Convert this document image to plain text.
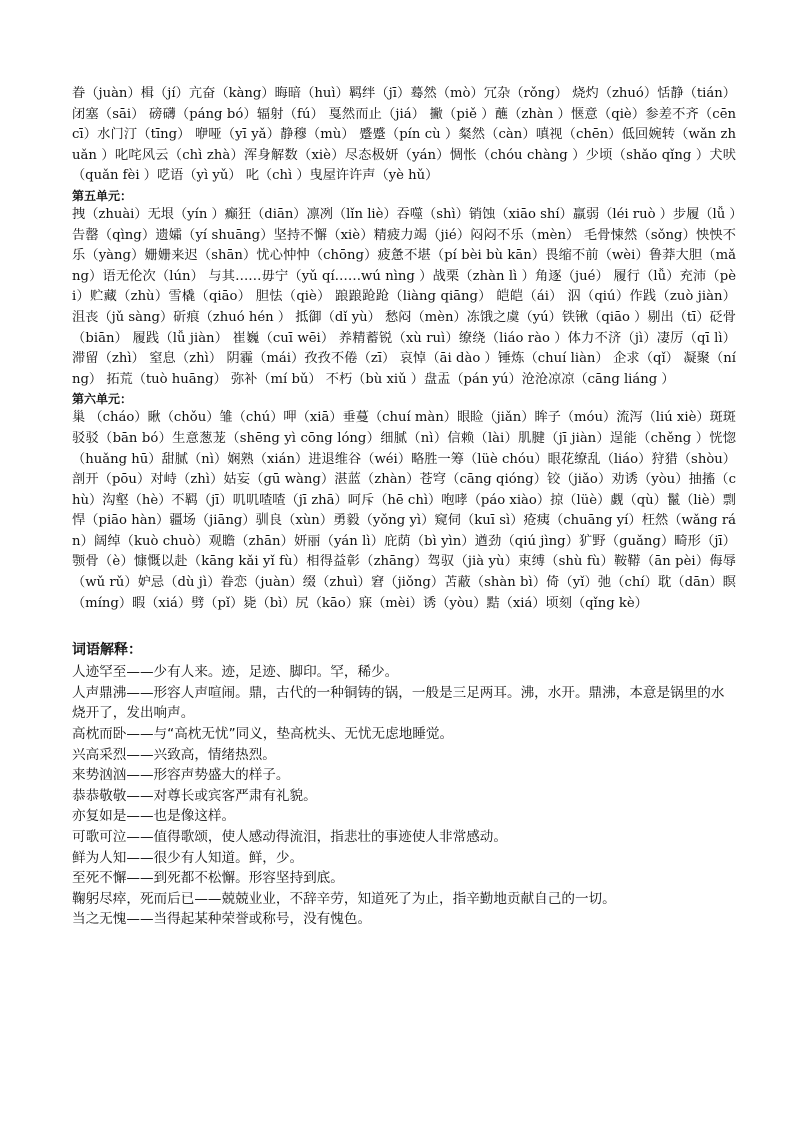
眷（juàn）楫（jí）亢奋（kàng）晦暗（huì）羁绊（jī）蓦然（mò）冗杂（rǒng） 烧灼（zhuó）恬静（tián）闭塞（sāi） 磅礴（páng bó）辐射（fú） 戛然而止（jiá） 撇（piě ）蘸（zhàn ）惬意（qiè）参差不齐（cēn cī）水门汀（tīng） 咿哑（yī yǎ）静穆（mù） 蹙蹙（pín cù ）粲然（càn）嗔视（chēn）低回婉转（wǎn zhuǎn ）叱咤风云（chì zhà）浑身解数（xiè）尽态极妍（yán）惆怅（chóu chàng ）少顷（shǎo qǐng ）犬吠（quǎn fèi ）呓语（yì yǔ） 叱（chì ）曳屋许许声（yè hǔ）

第五单元：

拽（zhuài）无垠（yín ）癫狂（diān）凛冽（lǐn liè）吞噬（shì）销蚀（xiāo shí）羸弱（léi ruò ）步履（lǚ ）告罄（qìng）遗孀（yí shuāng）坚持不懈（xiè）精疲力竭（jié）闷闷不乐（mèn） 毛骨悚然（sǒng）怏怏不乐（yàng）姗姗来迟（shān）忧心忡忡（chōng）疲惫不堪（pí bèi bù kān）畏缩不前（wèi）鲁莽大胆（mǎng）语无伦次（lún） 与其……毋宁（yǔ qí……wú nìng ）战栗（zhàn lì ）角逐（jué） 履行（lǚ）充沛（pèi）贮藏（zhù）雪橇（qiāo） 胆怯（qiè） 踉踉跄跄（liàng qiāng） 皑皑（ái） 泅（qiú）作践（zuò jiàn） 沮丧（jǔ sàng）斫痕（zhuó hén ） 抵御（dǐ yù） 愁闷（mèn）冻饿之虞（yú）铁锹（qiāo ）剔出（tī）砭骨（biān） 履践（lǚ jiàn） 崔巍（cuī wēi） 养精蓄锐（xù ruì）缭绕（liáo rào ）体力不济（jì）凄厉（qī lì） 滞留（zhì） 窒息（zhì） 阴霾（mái）孜孜不倦（zī） 哀悼（āi dào ）锤炼（chuí liàn） 企求（qǐ） 凝聚（níng） 拓荒（tuò huāng） 弥补（mí bǔ） 不朽（bù xiǔ ）盘盂（pán yú）沧沧凉凉（cāng liáng ）

第六单元：

巢 （cháo）瞅（chǒu）雏（chú）呷（xiā）垂蔓（chuí màn）眼睑（jiǎn）眸子（móu）流泻（liú xiè）斑斑驳驳（bān bó）生意葱茏（shēng yì cōng lóng）细腻（nì）信赖（lài）肌腱（jī jiàn）逞能（chěng ）恍惚（huǎng hū）甜腻（nì）娴熟（xián）进退维谷（wéi）略胜一筹（lüè chóu）眼花缭乱（liáo）狩猎（shòu）剖开（pōu）对峙（zhì）姑妄（gū wàng）湛蓝（zhàn）苍穹（cāng qióng）铰（jiǎo）劝诱（yòu）抽搐（chù）沟壑（hè）不羁（jī）叽叽喳喳（jī zhā）呵斥（hē chì）咆哮（páo xiào）掠（lüè）觑（qù）鬣（liè）剽悍（piāo hàn）疆场（jiāng）驯良（xùn）勇毅（yǒng yì）窥伺（kuī sì）疮痍（chuāng yí）枉然（wǎng rán）阔绰（kuò chuò）观瞻（zhān）妍丽（yán lì）庇荫（bì yìn）遒劲（qiú jìng）犷野（guǎng）畸形（jī）颚骨（è）慷慨以赴（kāng kǎi yǐ fù）相得益彰（zhāng）驾驭（jià yù）束缚（shù fù）鞍鞯（ān pèi）侮辱（wǔ rǔ）妒忌（dù jì）眷恋（juàn）缀（zhuì）窘（jiǒng）苫蔽（shàn bì）倚（yǐ）弛（chí）耽（dān）瞑（míng）暇（xiá）劈（pǐ）毙（bì）尻（kāo）寐（mèi）诱（yòu）黠（xiá）顷刻（qǐng kè）

词语解释：
人迹罕至——少有人来。迹，足迹、脚印。罕，稀少。
人声鼎沸——形容人声喧闹。鼎，古代的一种铜铸的锅，一般是三足两耳。沸，水开。鼎沸，本意是锅里的水烧开了，发出响声。
高枕而卧——与“高枕无忧”同义，垫高枕头、无忧无虑地睡觉。
兴高采烈——兴致高，情绪热烈。
来势汹汹——形容声势盛大的样子。
恭恭敬敬——对尊长或宾客严肃有礼貌。
亦复如是——也是像这样。
可歌可泣——值得歌颂，使人感动得流泪，指悲壮的事迹使人非常感动。
鲜为人知——很少有人知道。鲜，少。
至死不懈——到死都不松懈。形容坚持到底。
鞠躬尽瘁，死而后已——兢兢业业，不辞辛劳，知道死了为止，指辛勤地贡献自己的一切。
当之无愧——当得起某种荣誉或称号，没有愧色。
